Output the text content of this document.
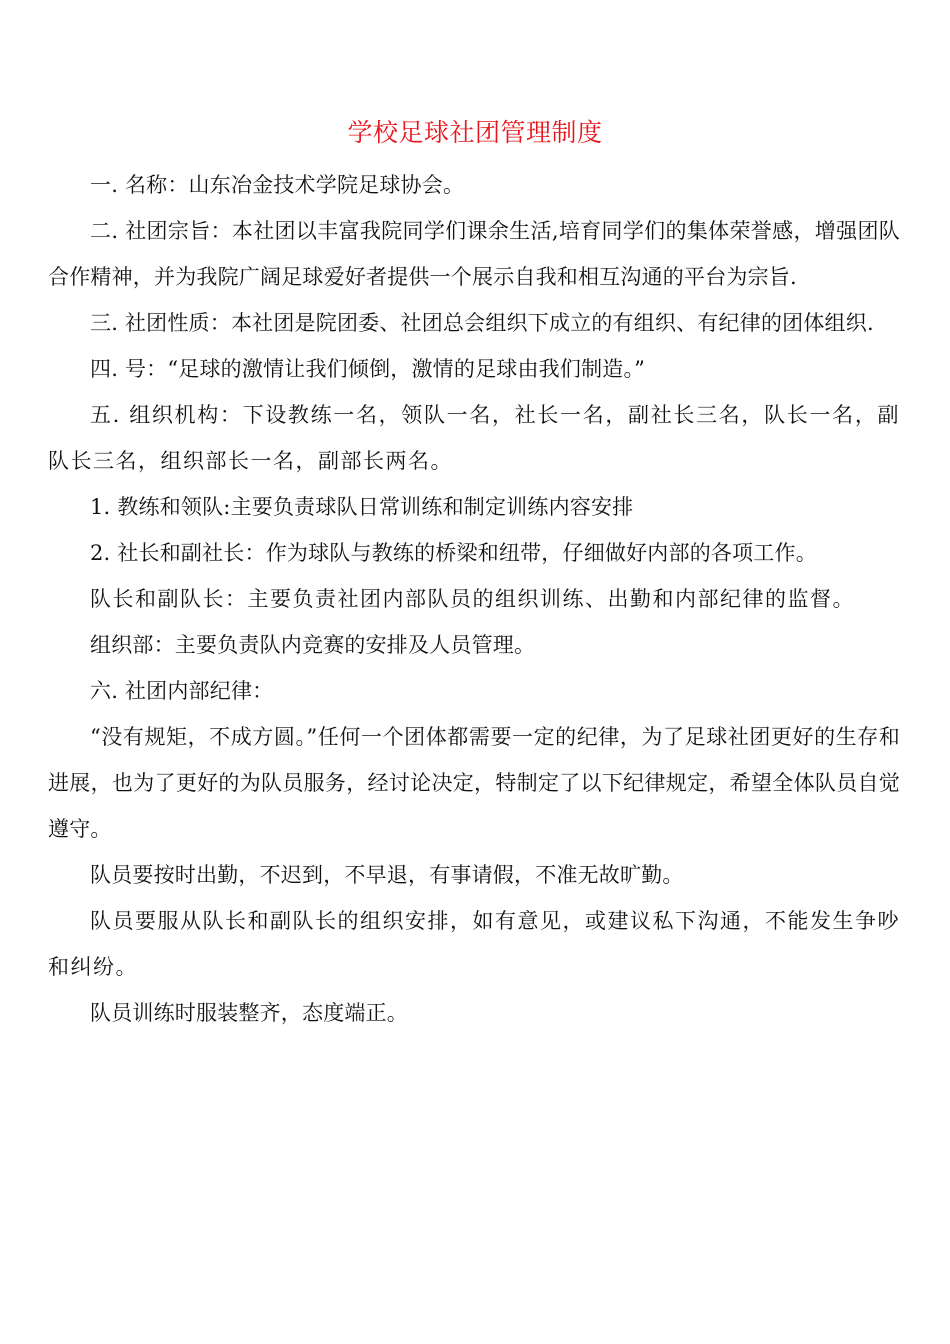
学校足球社团管理制度

一. 名称：山东冶金技术学院足球协会。

二. 社团宗旨：本社团以丰富我院同学们课余生活,培育同学们的集体荣誉感，增强团队合作精神，并为我院广阔足球爱好者提供一个展示自我和相互沟通的平台为宗旨.

三. 社团性质：本社团是院团委、社团总会组织下成立的有组织、有纪律的团体组织.

四. 号：“足球的激情让我们倾倒，激情的足球由我们制造。”

五. 组织机构：下设教练一名，领队一名，社长一名，副社长三名，队长一名，副队长三名，组织部长一名，副部长两名。

1. 教练和领队:主要负责球队日常训练和制定训练内容安排

2. 社长和副社长：作为球队与教练的桥梁和纽带，仔细做好内部的各项工作。

队长和副队长：主要负责社团内部队员的组织训练、出勤和内部纪律的监督。

组织部：主要负责队内竞赛的安排及人员管理。

六. 社团内部纪律：

“没有规矩，不成方圆。”任何一个团体都需要一定的纪律，为了足球社团更好的生存和进展，也为了更好的为队员服务，经讨论决定，特制定了以下纪律规定，希望全体队员自觉遵守。

队员要按时出勤，不迟到，不早退，有事请假，不准无故旷勤。

队员要服从队长和副队长的组织安排，如有意见，或建议私下沟通，不能发生争吵和纠纷。

队员训练时服装整齐，态度端正。
